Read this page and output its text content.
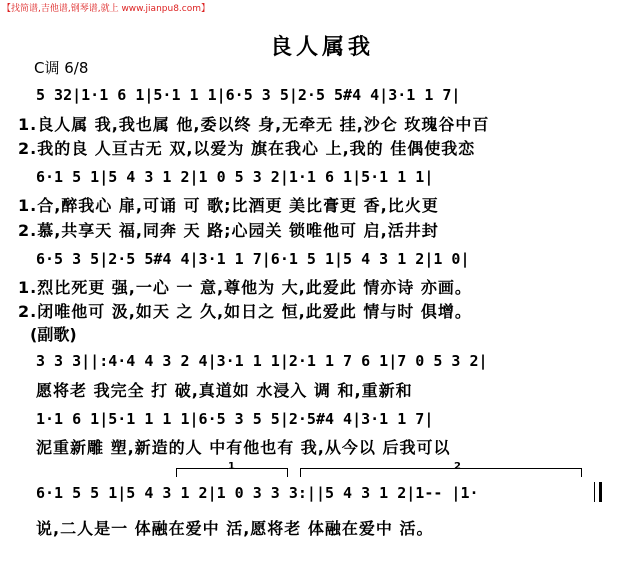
【找简谱,吉他谱,钢琴谱,就上 www.jianpu8.com】
良人属我
C调 6/8
5 32|1·1 6 1|5·1 1 1|6·5 3 5|2·5 5#4 4|3·1 1 7|
1.良人属 我,我也属 他,委以终 身,无牵无 挂,沙仑 玫瑰谷中百
2.我的良 人亘古无 双,以爱为 旗在我心 上,我的 佳偶使我恋
6·1 5 1|5 4 3 1 2|1 0 5 3 2|1·1 6 1|5·1 1 1|
1.合,醉我心 扉,可诵 可 歌;比酒更 美比膏更 香,比火更
2.慕,共享天 福,同奔 天 路;心园关 锁唯他可 启,活井封
6·5 3 5|2·5 5#4 4|3·1 1 7|6·1 5 1|5 4 3 1 2|1 0|
1.烈比死更 强,一心 一 意,尊他为 大,此爱此 情亦诗 亦画。
2.闭唯他可 汲,如天 之 久,如日之 恒,此爱此 情与时 俱增。
(副歌)
3 3 3||:4·4 4 3 2 4|3·1 1 1|2·1 1 7 6 1|7 0 5 3 2|
愿将老 我完全 打 破,真道如 水浸入 调 和,重新和
1·1 6 1|5·1 1 1 1|6·5 3 5 5|2·5#4 4|3·1 1 7|
泥重新雕 塑,新造的人 中有他也有 我,从今以 后我可以
1	2
6·1 5 5 1|5 4 3 1 2|1 0 3 3 3:||5 4 3 1 2|1-- |1·
说,二人是一 体融在爱中 活,愿将老 体融在爱中 活。
